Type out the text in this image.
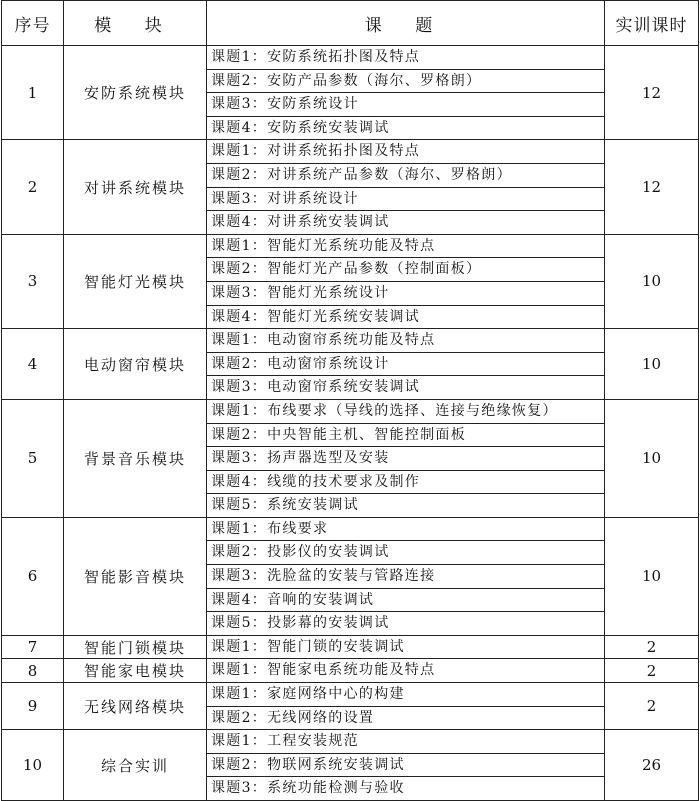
序号	模 块	课 题	实训课时
1	安防系统模块	课题1：安防系统拓扑图及特点
课题2：安防产品参数（海尔、罗格朗）
课题3：安防系统设计
课题4：安防系统安装调试	12
2	对讲系统模块	课题1：对讲系统拓扑图及特点
课题2：对讲系统产品参数（海尔、罗格朗）
课题3：对讲系统设计
课题4：对讲系统安装调试	12
3	智能灯光模块	课题1：智能灯光系统功能及特点
课题2：智能灯光产品参数（控制面板）
课题3：智能灯光系统设计
课题4：智能灯光系统安装调试	10
4	电动窗帘模块	课题1：电动窗帘系统功能及特点
课题2：电动窗帘系统设计
课题3：电动窗帘系统安装调试	10
5	背景音乐模块	课题1：布线要求（导线的选择、连接与绝缘恢复）
课题2：中央智能主机、智能控制面板
课题3：扬声器选型及安装
课题4：线缆的技术要求及制作
课题5：系统安装调试	10
6	智能影音模块	课题1：布线要求
课题2：投影仪的安装调试
课题3：洗脸盆的安装与管路连接
课题4：音响的安装调试
课题5：投影幕的安装调试	10
7	智能门锁模块	课题1：智能门锁的安装调试	2
8	智能家电模块	课题1：智能家电系统功能及特点	2
9	无线网络模块	课题1：家庭网络中心的构建
课题2：无线网络的设置	2
10	综合实训	课题1：工程安装规范
课题2：物联网系统安装调试
课题3：系统功能检测与验收	26
